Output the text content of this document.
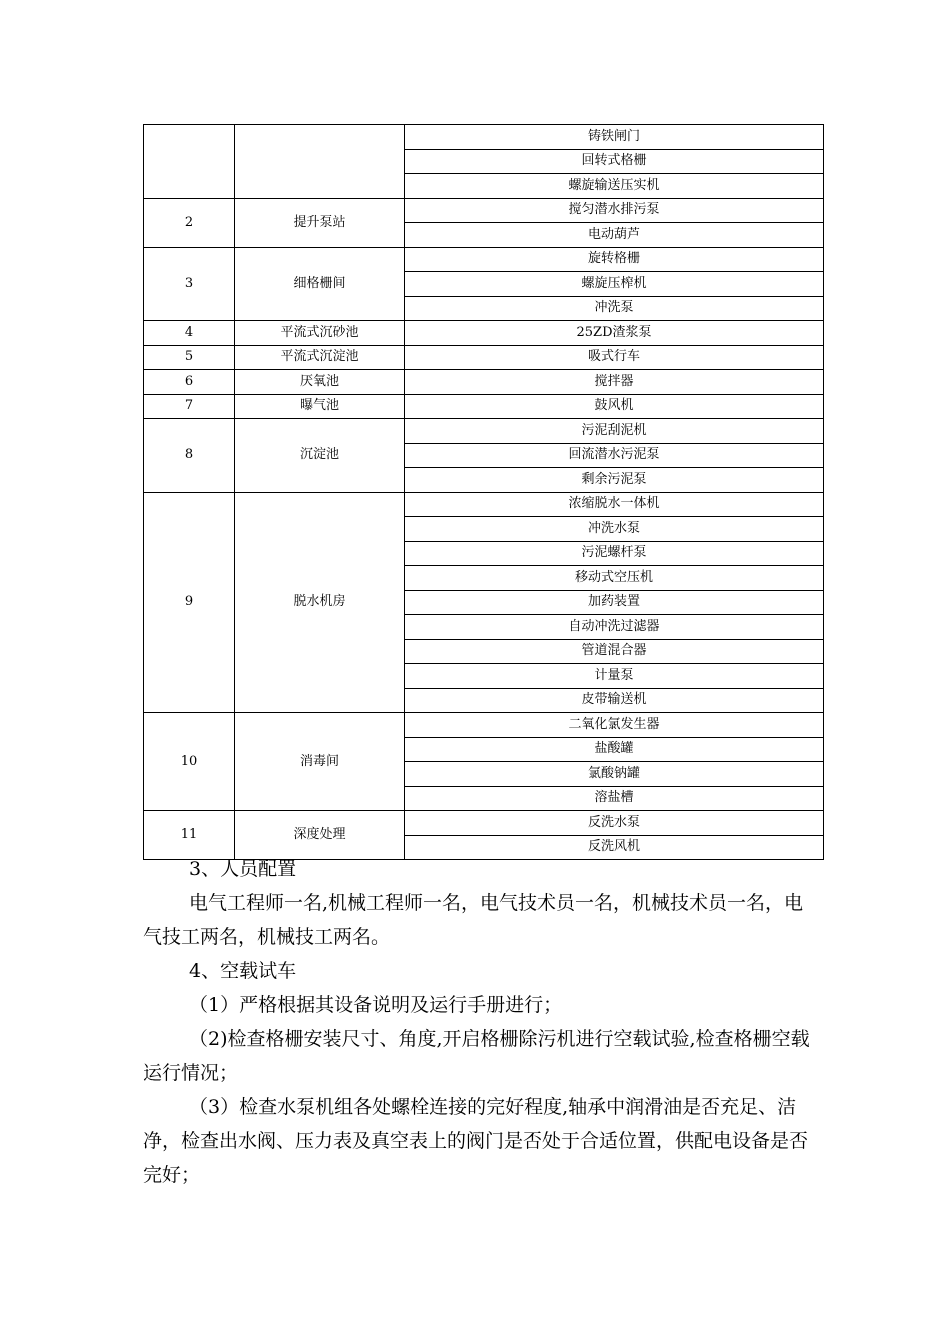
		铸铁闸门
		回转式格栅
		螺旋输送压实机
2	提升泵站	搅匀潜水排污泵
		电动葫芦
3	细格栅间	旋转格栅
		螺旋压榨机
		冲洗泵
4	平流式沉砂池	25ZD渣浆泵
5	平流式沉淀池	吸式行车
6	厌氧池	搅拌器
7	曝气池	鼓风机
8	沉淀池	污泥刮泥机
		回流潜水污泥泵
		剩余污泥泵
9	脱水机房	浓缩脱水一体机
		冲洗水泵
		污泥螺杆泵
		移动式空压机
		加药装置
		自动冲洗过滤器
		管道混合器
		计量泵
		皮带输送机
10	消毒间	二氧化氯发生器
		盐酸罐
		氯酸钠罐
		溶盐槽
11	深度处理	反洗水泵
		反洗风机

3、人员配置

电气工程师一名,机械工程师一名，电气技术员一名，机械技术员一名，电气技工两名，机械技工两名。

4、空载试车

（1）严格根据其设备说明及运行手册进行；

（2)检查格栅安装尺寸、角度,开启格栅除污机进行空载试验,检查格栅空载运行情况；

（3）检查水泵机组各处螺栓连接的完好程度,轴承中润滑油是否充足、洁净，检查出水阀、压力表及真空表上的阀门是否处于合适位置，供配电设备是否完好；
